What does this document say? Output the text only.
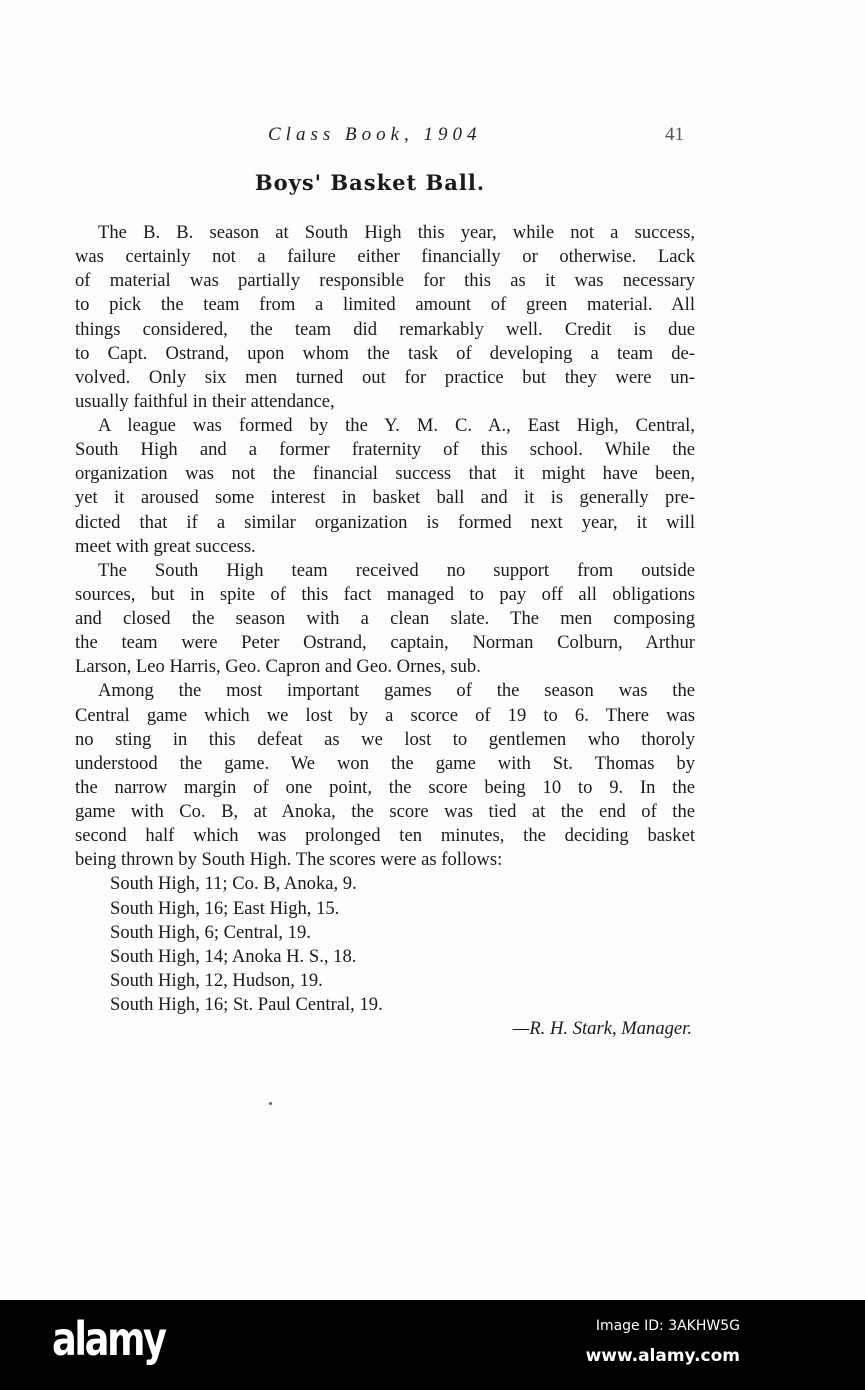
Class Book, 1904	41
Boys' Basket Ball.
The B. B. season at South High this year, while not a success,
was certainly not a failure either financially or otherwise. Lack
of material was partially responsible for this as it was necessary
to pick the team from a limited amount of green material. All
things considered, the team did remarkably well. Credit is due
to Capt. Ostrand, upon whom the task of developing a team de-
volved. Only six men turned out for practice but they were un-
usually faithful in their attendance,
A league was formed by the Y. M. C. A., East High, Central,
South High and a former fraternity of this school. While the
organization was not the financial success that it might have been,
yet it aroused some interest in basket ball and it is generally pre-
dicted that if a similar organization is formed next year, it will
meet with great success.
The South High team received no support from outside
sources, but in spite of this fact managed to pay off all obligations
and closed the season with a clean slate. The men composing
the team were Peter Ostrand, captain, Norman Colburn, Arthur
Larson, Leo Harris, Geo. Capron and Geo. Ornes, sub.
Among the most important games of the season was the
Central game which we lost by a scorce of 19 to 6. There was
no sting in this defeat as we lost to gentlemen who thoroly
understood the game. We won the game with St. Thomas by
the narrow margin of one point, the score being 10 to 9. In the
game with Co. B, at Anoka, the score was tied at the end of the
second half which was prolonged ten minutes, the deciding basket
being thrown by South High. The scores were as follows:
South High, 11; Co. B, Anoka, 9.
South High, 16; East High, 15.
South High, 6; Central, 19.
South High, 14; Anoka H. S., 18.
South High, 12, Hudson, 19.
South High, 16; St. Paul Central, 19.
—R. H. Stark, Manager.
alamy	Image ID: 3AKHW5G
www.alamy.com
